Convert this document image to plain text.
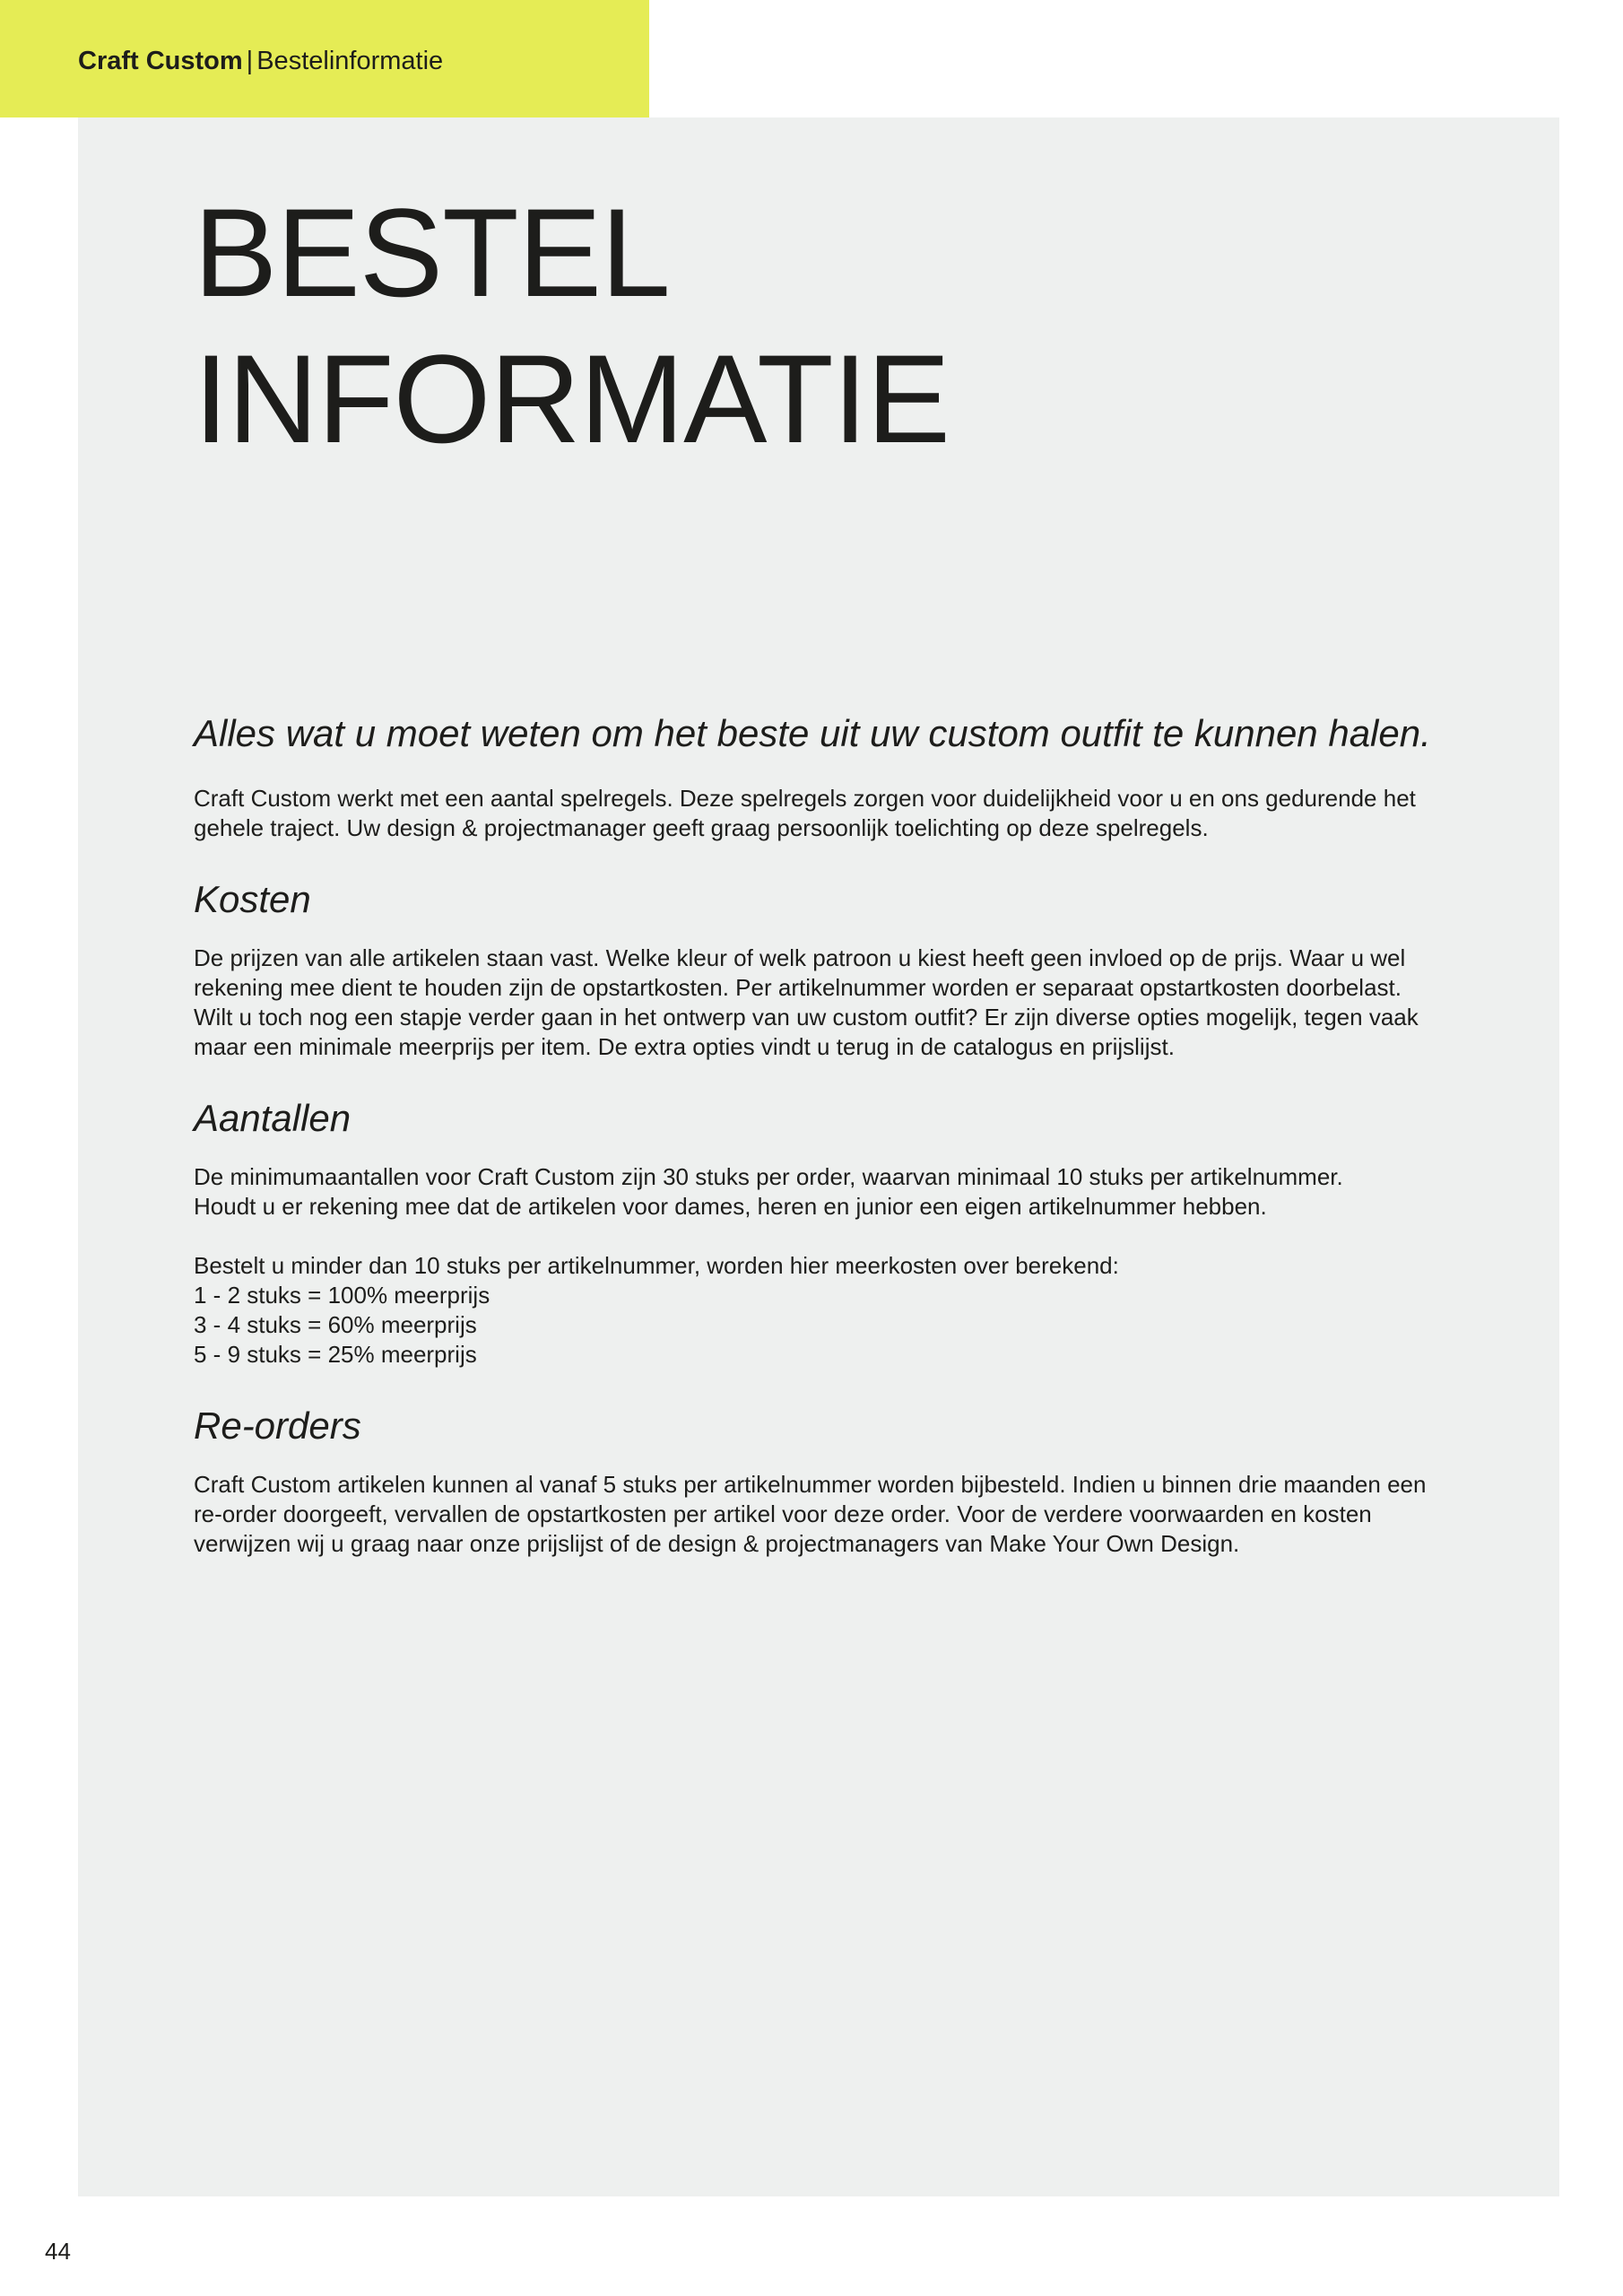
Craft Custom | Bestelinformatie
BESTEL
INFORMATIE
Alles wat u moet weten om het beste uit uw custom outfit te kunnen halen.

Craft Custom werkt met een aantal spelregels. Deze spelregels zorgen voor duidelijkheid voor u en ons gedurende het
gehele traject. Uw design & projectmanager geeft graag persoonlijk toelichting op deze spelregels.

Kosten

De prijzen van alle artikelen staan vast. Welke kleur of welk patroon u kiest heeft geen invloed op de prijs. Waar u wel
rekening mee dient te houden zijn de opstartkosten. Per artikelnummer worden er separaat opstartkosten doorbelast.
Wilt u toch nog een stapje verder gaan in het ontwerp van uw custom outfit? Er zijn diverse opties mogelijk, tegen vaak
maar een minimale meerprijs per item. De extra opties vindt u terug in de catalogus en prijslijst.

Aantallen

De minimumaantallen voor Craft Custom zijn 30 stuks per order, waarvan minimaal 10 stuks per artikelnummer.
Houdt u er rekening mee dat de artikelen voor dames, heren en junior een eigen artikelnummer hebben.

Bestelt u minder dan 10 stuks per artikelnummer, worden hier meerkosten over berekend:
1 - 2 stuks = 100% meerprijs
3 - 4 stuks = 60% meerprijs
5 - 9 stuks = 25% meerprijs

Re-orders

Craft Custom artikelen kunnen al vanaf 5 stuks per artikelnummer worden bijbesteld. Indien u binnen drie maanden een
re-order doorgeeft, vervallen de opstartkosten per artikel voor deze order. Voor de verdere voorwaarden en kosten
verwijzen wij u graag naar onze prijslijst of de design & projectmanagers van Make Your Own Design.

44
